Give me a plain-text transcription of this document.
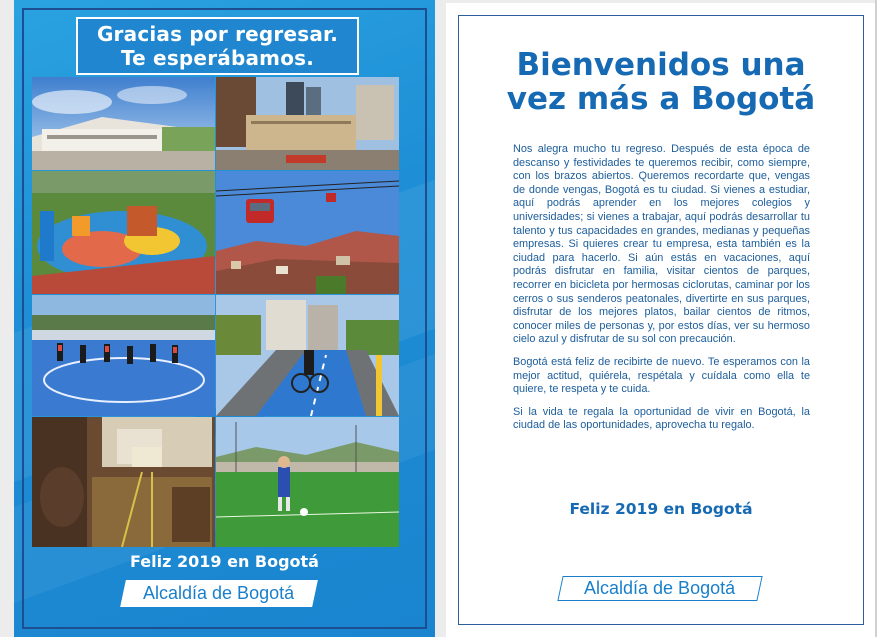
Gracias por regresar.
Te esperábamos.
Feliz 2019 en Bogotá
Alcaldía de Bogotá
Bienvenidos una
vez más a Bogotá

Nos alegra mucho tu regreso. Después de esta época de descanso y festividades te queremos recibir, como siempre, con los brazos abiertos. Queremos recordarte que, vengas de donde vengas, Bogotá es tu ciudad. Si vienes a estudiar, aquí podrás aprender en los mejores colegios y universidades; si vienes a trabajar, aquí podrás desarrollar tu talento y tus capacidades en grandes, medianas y pequeñas empresas. Si quieres crear tu empresa, esta también es la ciudad para hacerlo. Si aún estás en vacaciones, aquí podrás disfrutar en familia, visitar cientos de parques, recorrer en bicicleta por hermosas ciclorutas, caminar por los cerros o sus senderos peatonales, divertirte en sus parques, disfrutar de los mejores platos, bailar cientos de ritmos, conocer miles de personas y, por estos días, ver su hermoso cielo azul y disfrutar de su sol con precaución.

Bogotá está feliz de recibirte de nuevo. Te esperamos con la mejor actitud, quiérela, respétala y cuídala como ella te quiere, te respeta y te cuida.

Si la vida te regala la oportunidad de vivir en Bogotá, la ciudad de las oportunidades, aprovecha tu regalo.

Feliz 2019 en Bogotá
Alcaldía de Bogotá
